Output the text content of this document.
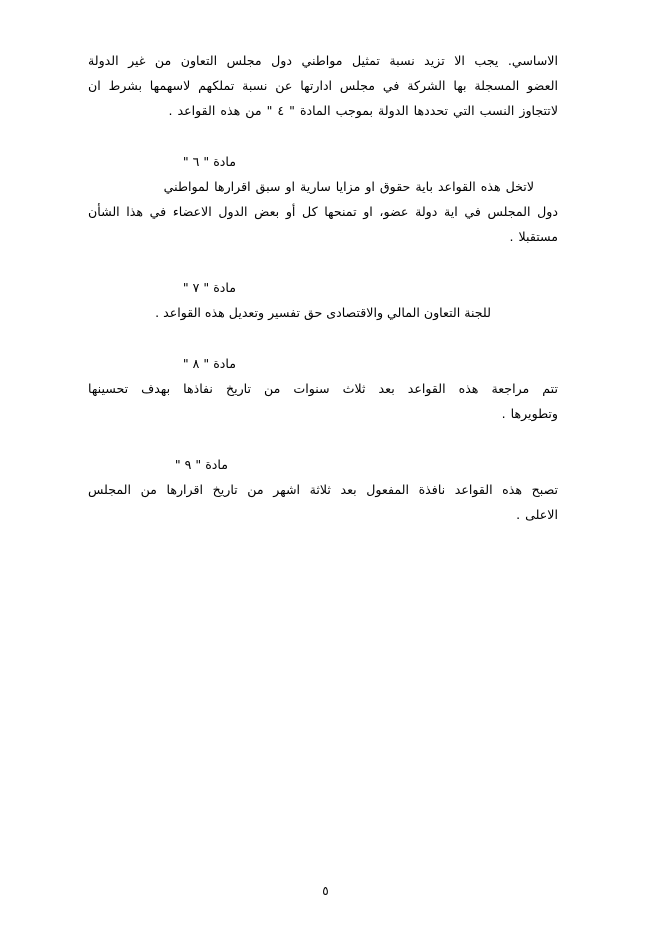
الاساسي. يجب الا تزيد نسبة تمثيل مواطني دول مجلس التعاون من غير الدولة

العضو المسجلة بها الشركة في مجلس ادارتها عن نسبة تملكهم لاسهمها بشرط ان

لاتتجاوز النسب التي تحددها الدولة بموجب المادة " ٤ " من هذه القواعد .

مادة " ٦ "

لاتخل هذه القواعد باية حقوق او مزايا سارية او سبق اقرارها لمواطني

دول المجلس في اية دولة عضو، او تمنحها كل أو بعض الدول الاعضاء في هذا الشأن

مستقبلا .

مادة " ٧ "

للجنة التعاون المالي والاقتصادى حق تفسير وتعديل هذه القواعد .

مادة " ٨ "

تتم مراجعة هذه القواعد بعد ثلاث سنوات من تاريخ نفاذها بهدف تحسينها

وتطويرها .

مادة " ٩ "

تصبح هذه القواعد نافذة المفعول بعد ثلاثة اشهر من تاريخ اقرارها من المجلس

الاعلى .

٥
